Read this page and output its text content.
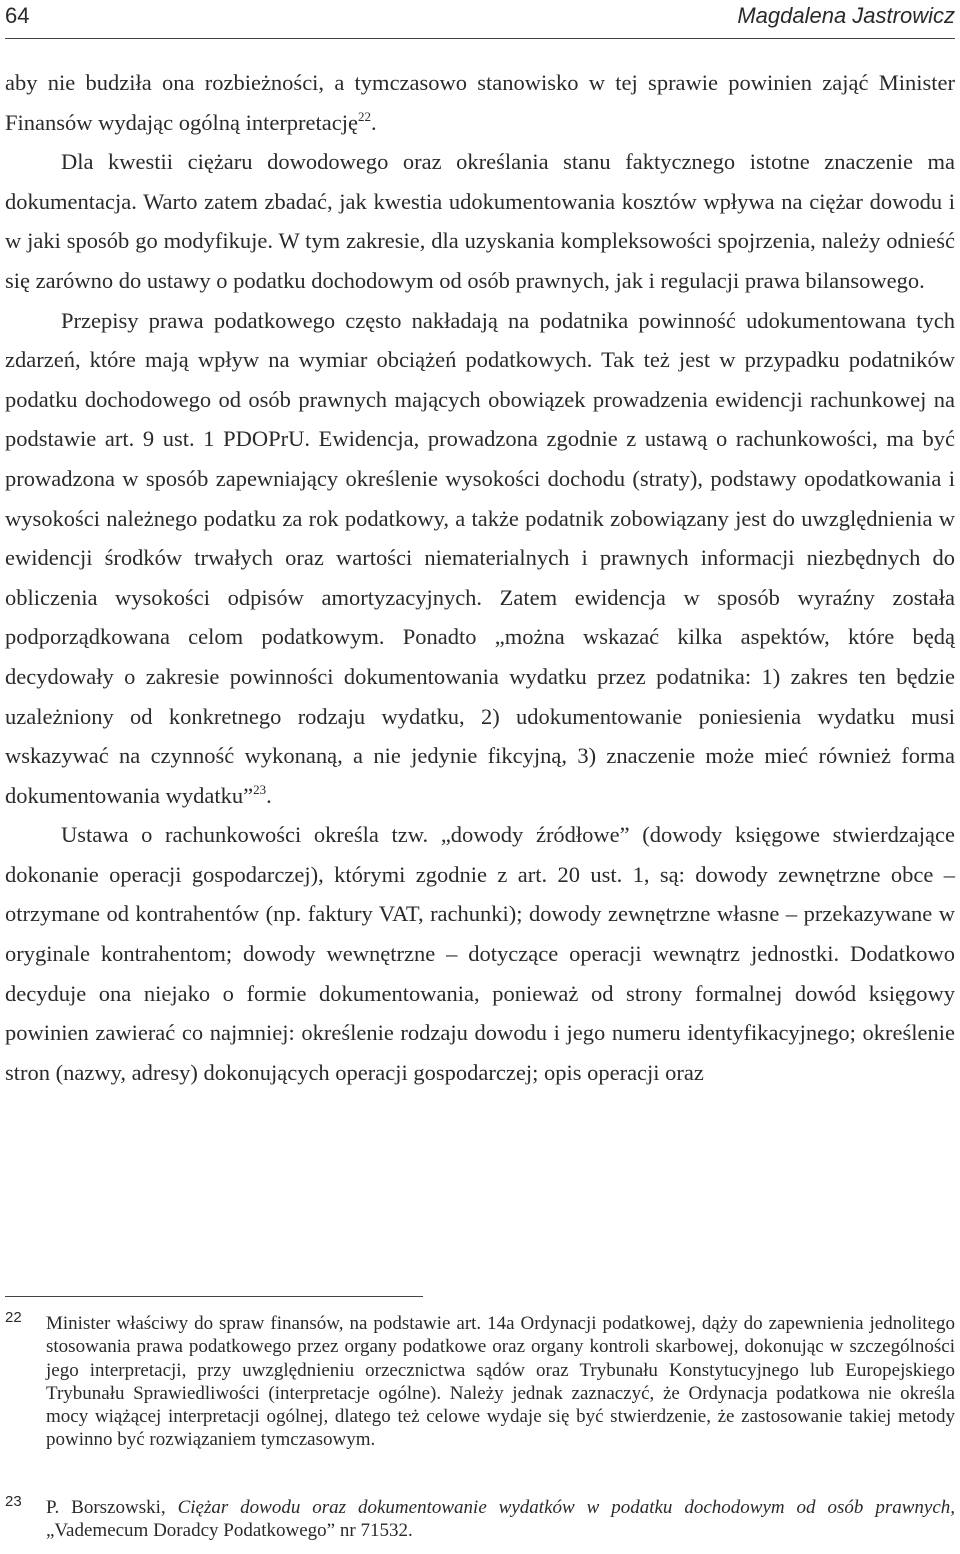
64	Magdalena Jastrowicz

aby nie budziła ona rozbieżności, a tymczasowo stanowisko w tej sprawie powinien zająć Minister Finansów wydając ogólną interpretację$^{22}$.

Dla kwestii ciężaru dowodowego oraz określania stanu faktycznego istotne znaczenie ma dokumentacja. Warto zatem zbadać, jak kwestia udokumentowania kosztów wpływa na ciężar dowodu i w jaki sposób go modyfikuje. W tym zakresie, dla uzyskania kompleksowości spojrzenia, należy odnieść się zarówno do ustawy o podatku dochodowym od osób prawnych, jak i regulacji prawa bilansowego.

Przepisy prawa podatkowego często nakładają na podatnika powinność udokumentowana tych zdarzeń, które mają wpływ na wymiar obciążeń podatkowych. Tak też jest w przypadku podatników podatku dochodowego od osób prawnych mających obowiązek prowadzenia ewidencji rachunkowej na podstawie art. 9 ust. 1 PDOPrU. Ewidencja, prowadzona zgodnie z ustawą o rachunkowości, ma być prowadzona w sposób zapewniający określenie wysokości dochodu (straty), podstawy opodatkowania i wysokości należnego podatku za rok podatkowy, a także podatnik zobowiązany jest do uwzględnienia w ewidencji środków trwałych oraz wartości niematerialnych i prawnych informacji niezbędnych do obliczenia wysokości odpisów amortyzacyjnych. Zatem ewidencja w sposób wyraźny została podporządkowana celom podatkowym. Ponadto „można wskazać kilka aspektów, które będą decydowały o zakresie powinności dokumentowania wydatku przez podatnika: 1) zakres ten będzie uzależniony od konkretnego rodzaju wydatku, 2) udokumentowanie poniesienia wydatku musi wskazywać na czynność wykonaną, a nie jedynie fikcyjną, 3) znaczenie może mieć również forma dokumentowania wydatku”$^{23}$.

Ustawa o rachunkowości określa tzw. „dowody źródłowe” (dowody księgowe stwierdzające dokonanie operacji gospodarczej), którymi zgodnie z art. 20 ust. 1, są: dowody zewnętrzne obce – otrzymane od kontrahentów (np. faktury VAT, rachunki); dowody zewnętrzne własne – przekazywane w oryginale kontrahentom; dowody wewnętrzne – dotyczące operacji wewnątrz jednostki. Dodatkowo decyduje ona niejako o formie dokumentowania, ponieważ od strony formalnej dowód księgowy powinien zawierać co najmniej: określenie rodzaju dowodu i jego numeru identyfikacyjnego; określenie stron (nazwy, adresy) dokonujących operacji gospodarczej; opis operacji oraz

22 Minister właściwy do spraw finansów, na podstawie art. 14a Ordynacji podatkowej, dąży do zapewnienia jednolitego stosowania prawa podatkowego przez organy podatkowe oraz organy kontroli skarbowej, dokonując w szczególności jego interpretacji, przy uwzględnieniu orzecznictwa sądów oraz Trybunału Konstytucyjnego lub Europejskiego Trybunału Sprawiedliwości (interpretacje ogólne). Należy jednak zaznaczyć, że Ordynacja podatkowa nie określa mocy wiążącej interpretacji ogólnej, dlatego też celowe wydaje się być stwierdzenie, że zastosowanie takiej metody powinno być rozwiązaniem tymczasowym.
23 P. Borszowski, Ciężar dowodu oraz dokumentowanie wydatków w podatku dochodowym od osób prawnych, „Vademecum Doradcy Podatkowego” nr 71532.
